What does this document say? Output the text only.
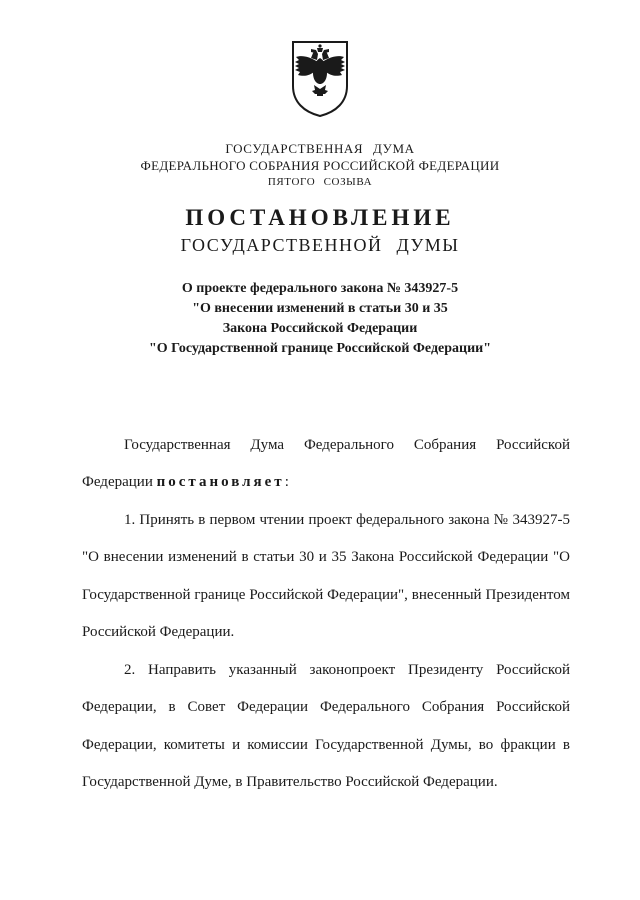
ГОСУДАРСТВЕННАЯ ДУМА
ФЕДЕРАЛЬНОГО СОБРАНИЯ РОССИЙСКОЙ ФЕДЕРАЦИИ
ПЯТОГО СОЗЫВА
ПОСТАНОВЛЕНИЕ
ГОСУДАРСТВЕННОЙ ДУМЫ
О проекте федерального закона № 343927-5
"О внесении изменений в статьи 30 и 35
Закона Российской Федерации
"О Государственной границе Российской Федерации"

Государственная Дума Федерального Собрания Российской Федерации постановляет:

1. Принять в первом чтении проект федерального закона № 343927-5 "О внесении изменений в статьи 30 и 35 Закона Российской Федерации "О Государственной границе Российской Федерации", внесенный Президентом Российской Федерации.

2. Направить указанный законопроект Президенту Российской Федерации, в Совет Федерации Федерального Собрания Российской Федерации, комитеты и комиссии Государственной Думы, во фракции в Государственной Думе, в Правительство Российской Федерации.
